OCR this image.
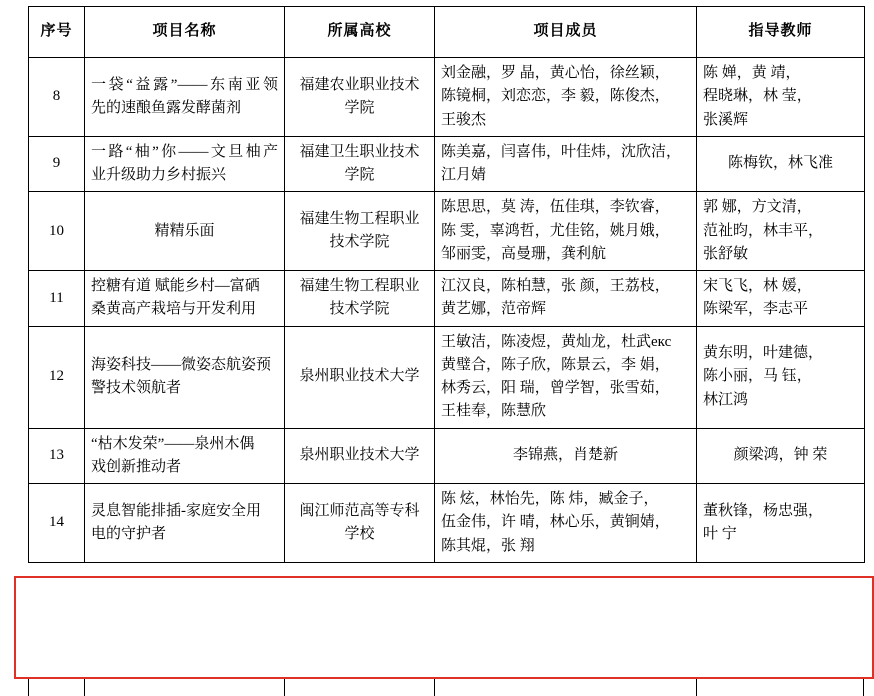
序号	项目名称	所属高校	项目成员	指导教师
8	一袋“益露”——东南亚领
先的速酿鱼露发酵菌剂	福建农业职业技术
学院	刘金融，罗 晶，黄心怡，徐丝颖，
陈镜桐，刘恋恋，李 毅，陈俊杰，
王骏杰	陈 婵，黄 靖，
程晓琳，林 莹，
张溪辉

9	一路“柚”你——文旦柚产
业升级助力乡村振兴	福建卫生职业技术
学院	陈美嘉，闫喜伟，叶佳炜，沈欣洁，
江月婧	陈梅钦，林飞准

10	精精乐面	福建生物工程职业
技术学院	陈思思，莫 涛，伍佳琪，李钦睿，
陈 雯，辜鸿哲，尤佳铭，姚月娥，
邹丽雯，高曼珊，龚利航	郭 娜，方文清，
范祉昀，林丰平，
张舒敏

11	控糖有道 赋能乡村—富硒
桑黄高产栽培与开发利用	福建生物工程职业
技术学院	江汉良，陈柏慧，张 颜，王荔枝，
黄艺娜，范帝辉	宋飞飞，林 媛，
陈梁军，李志平

12	海姿科技——微姿态航姿预
警技术领航者	泉州职业技术大学	王敏洁，陈凌煜，黄灿龙，杜武екс
黄璧合，陈子欣，陈景云，李 娟，
林秀云，阳 瑞，曾学智，张雪茹，
王桂奉，陈慧欣	黄东明，叶建德，
陈小丽，马 钰，
林江鸿

13	“枯木发荣”——泉州木偶
戏创新推动者	泉州职业技术大学	李锦燕，肖楚新	颜梁鸿，钟 荣

14	灵息智能排插-家庭安全用
电的守护者	闽江师范高等专科
学校	陈 炫，林怡先，陈 炜，臧金子，
伍金伟，许 晴，林心乐，黄锏婧，
陈其焜，张 翔	董秋锋，杨忠强，
叶 宁
